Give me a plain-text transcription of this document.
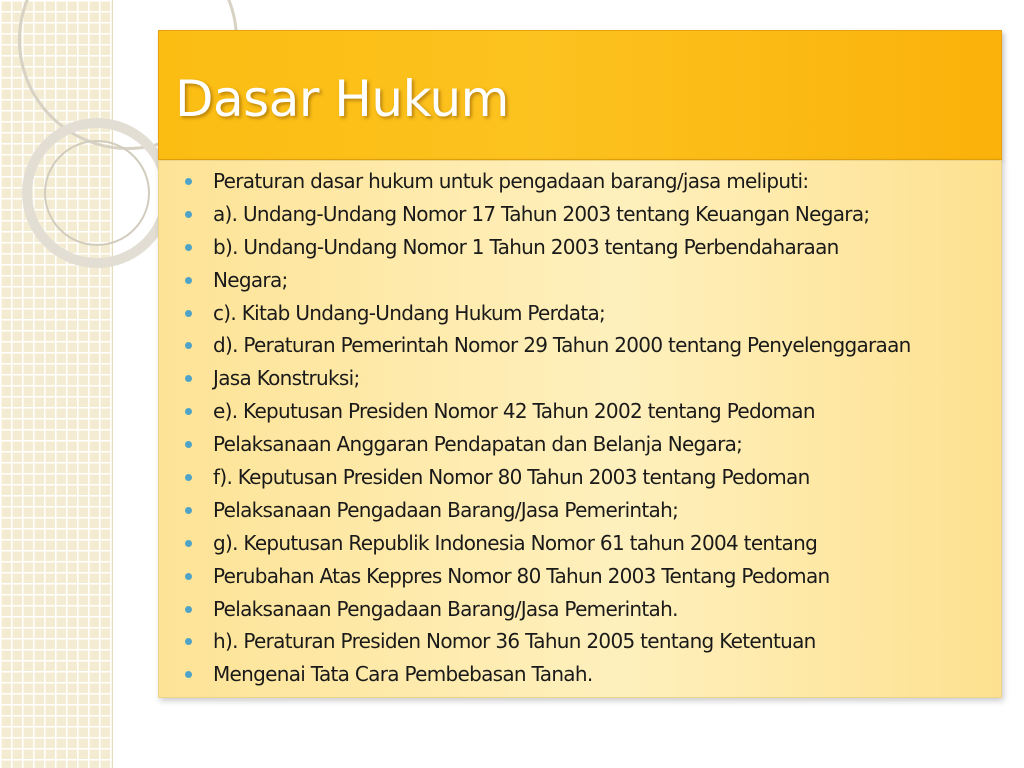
Dasar Hukum
Peraturan dasar hukum untuk pengadaan barang/jasa meliputi:
a). Undang-Undang Nomor 17 Tahun 2003 tentang Keuangan Negara;
b). Undang-Undang Nomor 1 Tahun 2003 tentang Perbendaharaan
Negara;
c). Kitab Undang-Undang Hukum Perdata;
d). Peraturan Pemerintah Nomor 29 Tahun 2000 tentang Penyelenggaraan
Jasa Konstruksi;
e). Keputusan Presiden Nomor 42 Tahun 2002 tentang Pedoman
Pelaksanaan Anggaran Pendapatan dan Belanja Negara;
f). Keputusan Presiden Nomor 80 Tahun 2003 tentang Pedoman
Pelaksanaan Pengadaan Barang/Jasa Pemerintah;
g). Keputusan Republik Indonesia Nomor 61 tahun 2004 tentang
Perubahan Atas Keppres Nomor 80 Tahun 2003 Tentang Pedoman
Pelaksanaan Pengadaan Barang/Jasa Pemerintah.
h). Peraturan Presiden Nomor 36 Tahun 2005 tentang Ketentuan
Mengenai Tata Cara Pembebasan Tanah.
